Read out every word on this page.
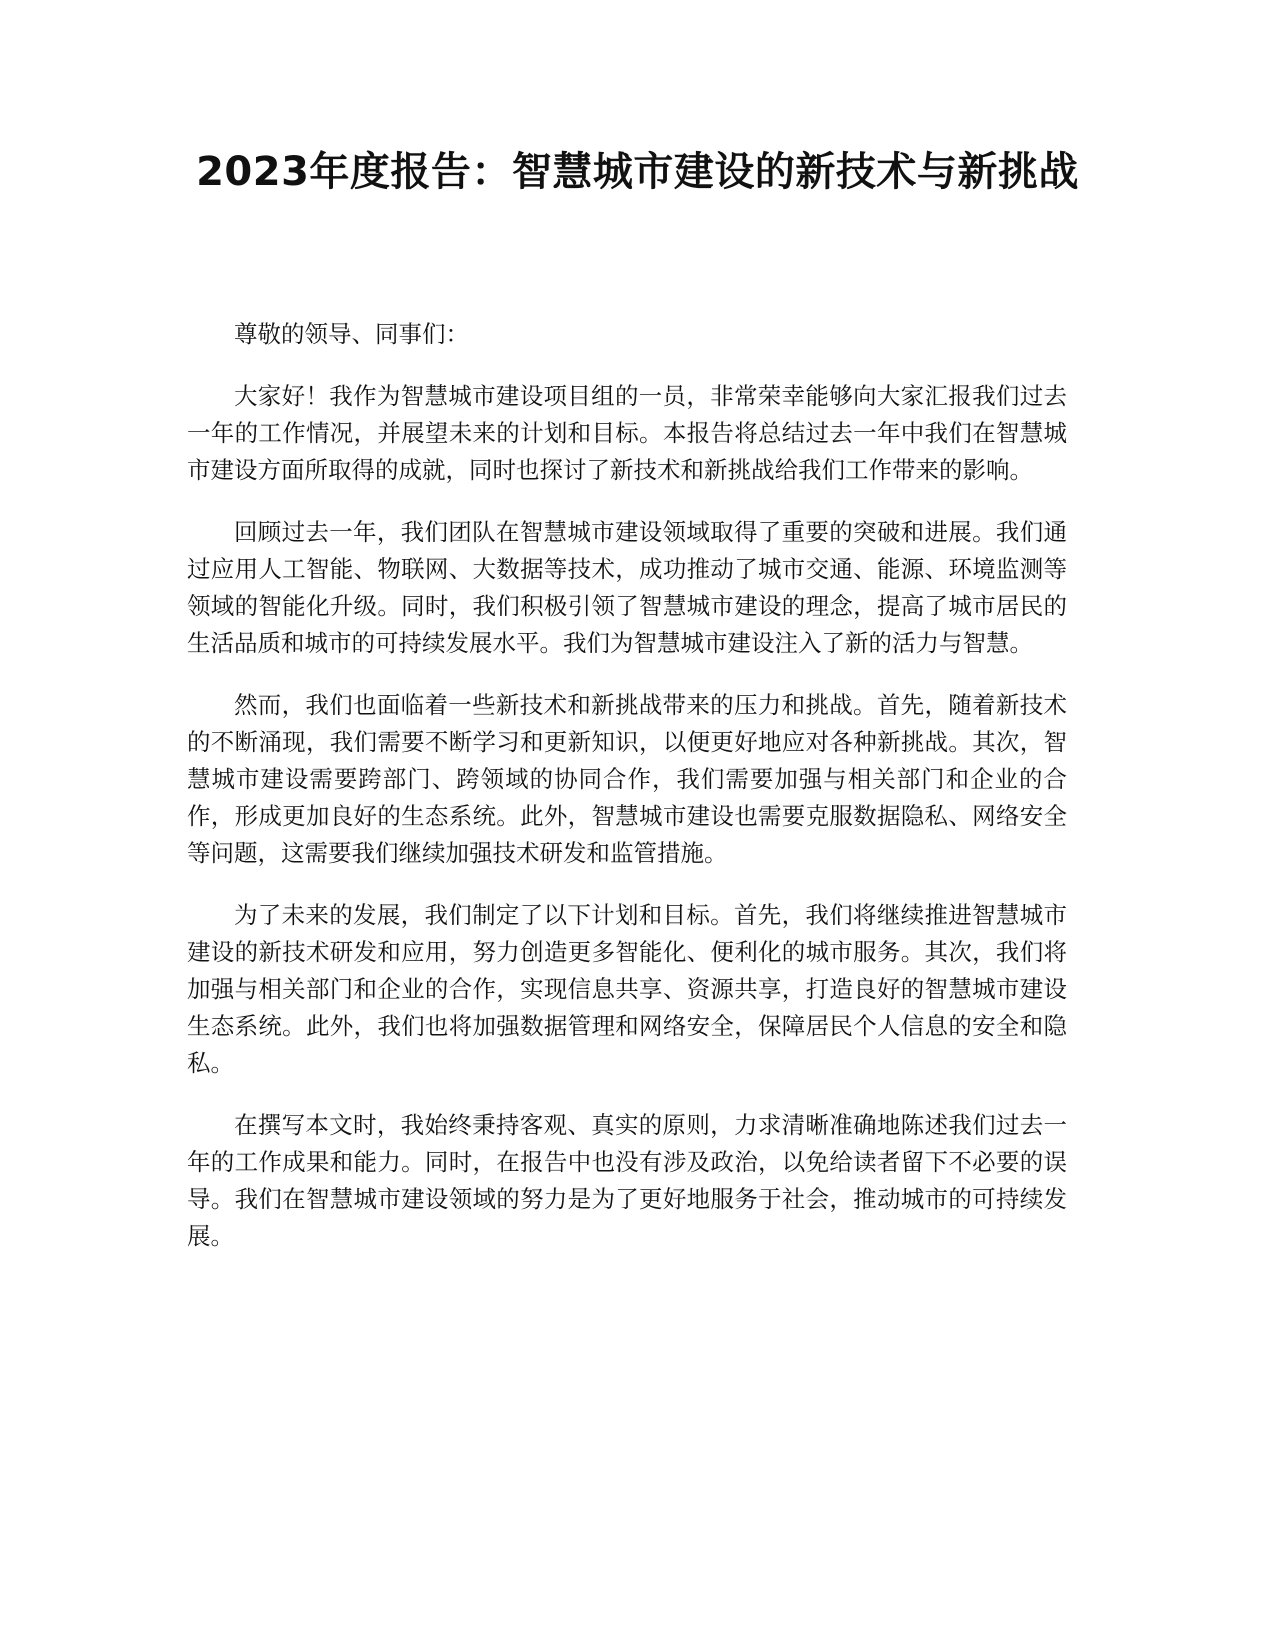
2023年度报告：智慧城市建设的新技术与新挑战

尊敬的领导、同事们：

大家好！我作为智慧城市建设项目组的一员，非常荣幸能够向大家汇报我们过去一年的工作情况，并展望未来的计划和目标。本报告将总结过去一年中我们在智慧城市建设方面所取得的成就，同时也探讨了新技术和新挑战给我们工作带来的影响。

回顾过去一年，我们团队在智慧城市建设领域取得了重要的突破和进展。我们通过应用人工智能、物联网、大数据等技术，成功推动了城市交通、能源、环境监测等领域的智能化升级。同时，我们积极引领了智慧城市建设的理念，提高了城市居民的生活品质和城市的可持续发展水平。我们为智慧城市建设注入了新的活力与智慧。

然而，我们也面临着一些新技术和新挑战带来的压力和挑战。首先，随着新技术的不断涌现，我们需要不断学习和更新知识，以便更好地应对各种新挑战。其次，智慧城市建设需要跨部门、跨领域的协同合作，我们需要加强与相关部门和企业的合作，形成更加良好的生态系统。此外，智慧城市建设也需要克服数据隐私、网络安全等问题，这需要我们继续加强技术研发和监管措施。

为了未来的发展，我们制定了以下计划和目标。首先，我们将继续推进智慧城市建设的新技术研发和应用，努力创造更多智能化、便利化的城市服务。其次，我们将加强与相关部门和企业的合作，实现信息共享、资源共享，打造良好的智慧城市建设生态系统。此外，我们也将加强数据管理和网络安全，保障居民个人信息的安全和隐私。

在撰写本文时，我始终秉持客观、真实的原则，力求清晰准确地陈述我们过去一年的工作成果和能力。同时，在报告中也没有涉及政治，以免给读者留下不必要的误导。我们在智慧城市建设领域的努力是为了更好地服务于社会，推动城市的可持续发展。
